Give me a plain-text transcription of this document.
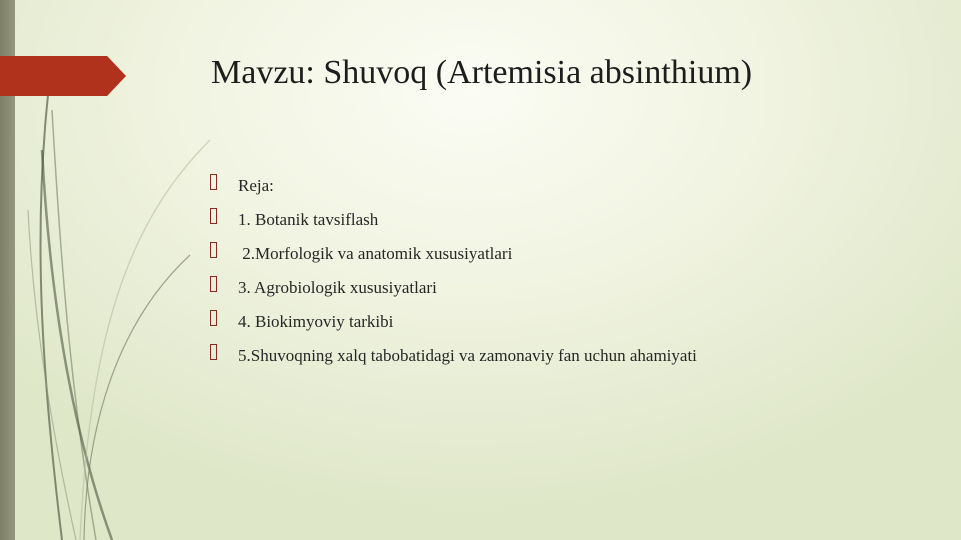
Mavzu: Shuvoq (Artemisia absinthium)
Reja:
1. Botanik tavsiflash
2.Morfologik va anatomik xususiyatlari
3. Agrobiologik xususiyatlari
4. Biokimyoviy tarkibi
5.Shuvoqning xalq tabobatidagi va zamonaviy fan uchun ahamiyati
